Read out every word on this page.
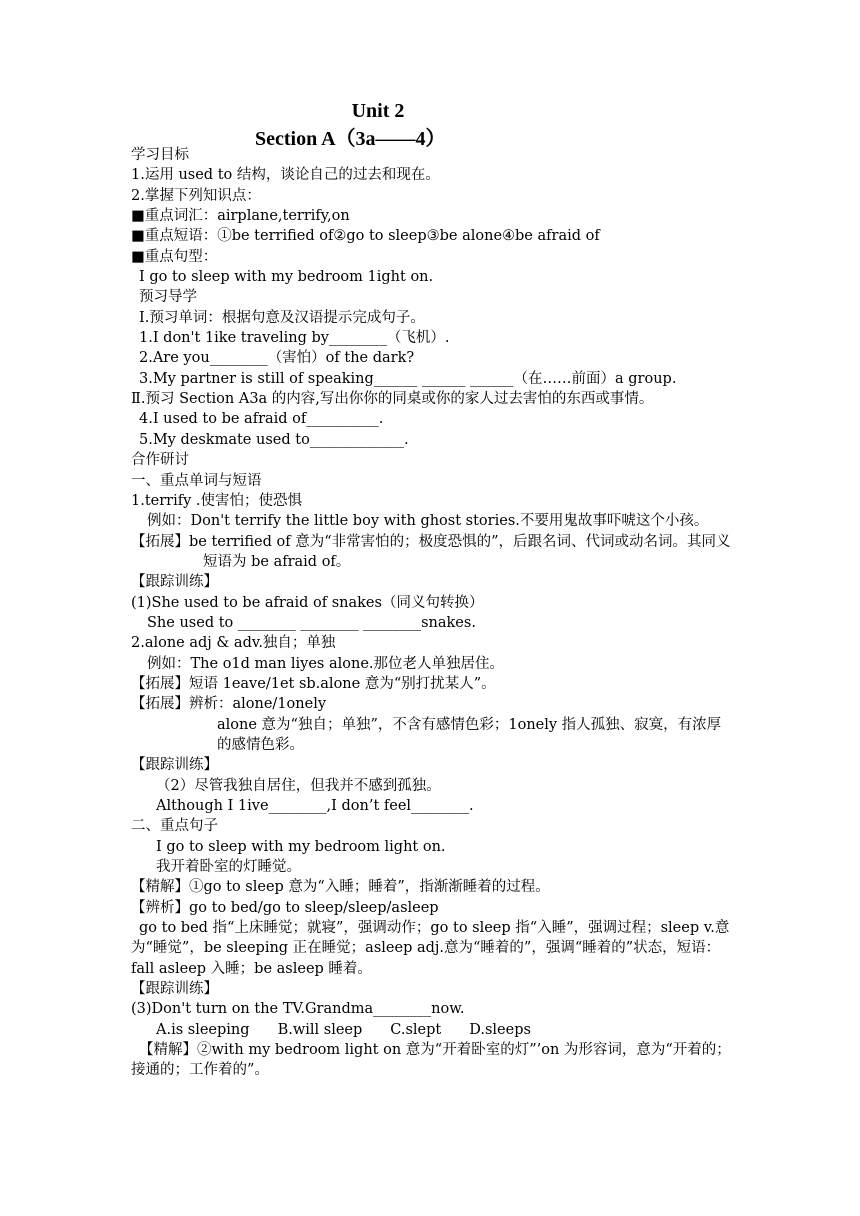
Unit 2
Section A（3a——4）
学习目标
1.运用 used to 结构，谈论自己的过去和现在。
2.掌握下列知识点：
■重点词汇：airplane,terrify,on
■重点短语：①be terrified of②go to sleep③be alone④be afraid of
■重点句型：
I go to sleep with my bedroom 1ight on.
预习导学
Ⅰ.预习单词：根据句意及汉语提示完成句子。
1.I don't 1ike traveling by________（飞机）.
2.Are you________（害怕）of the dark?
3.My partner is still of speaking______ ______ ______（在……前面）a group.
Ⅱ.预习 Section A3a 的内容,写出你你的同桌或你的家人过去害怕的东西或事情。
4.I used to be afraid of__________.
5.My deskmate used to_____________.
合作研讨
一、重点单词与短语
1.terrify .使害怕；使恐惧
例如：Don't terrify the little boy with ghost stories.不要用鬼故事吓唬这个小孩。
【拓展】be terrified of 意为“非常害怕的；极度恐惧的”，后跟名词、代词或动名词。其同义短语为 be afraid of。
【跟踪训练】
(1)She used to be afraid of snakes（同义句转换）
She used to ________ ________ ________snakes.
2.alone adj & adv.独自；单独
例如：The o1d man liyes alone.那位老人单独居住。
【拓展】短语 1eave/1et sb.alone 意为“别打扰某人”。
【拓展】辨析：alone/1onely
alone 意为“独自；单独”，不含有感情色彩；1onely 指人孤独、寂寞，有浓厚的感情色彩。
【跟踪训练】
（2）尽管我独自居住，但我并不感到孤独。
Although I 1ive________,I don’t feel________.
二、重点句子
I go to sleep with my bedroom light on.
我开着卧室的灯睡觉。
【精解】①go to sleep 意为“入睡；睡着”，指渐渐睡着的过程。
【辨析】go to bed/go to sleep/sleep/asleep
go to bed 指“上床睡觉；就寝”，强调动作；go to sleep 指“入睡”，强调过程；sleep v.意为“睡觉”，be sleeping 正在睡觉；asleep adj.意为“睡着的”，强调“睡着的”状态，短语：fall asleep 入睡；be asleep 睡着。
【跟踪训练】
(3)Don't turn on the TV.Grandma________now.
A.is sleeping B.will sleep C.slept D.sleeps
【精解】②with my bedroom light on 意为“开着卧室的灯”’on 为形容词，意为“开着的；接通的；工作着的”。
